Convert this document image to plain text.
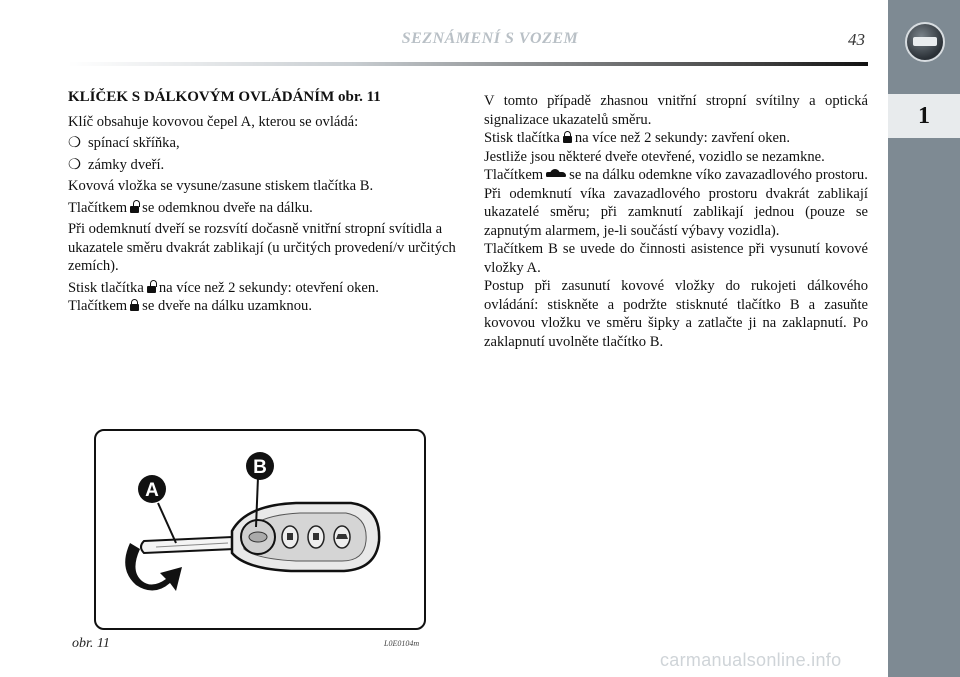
SEZNÁMENÍ S VOZEM	43
1

KLÍČEK S DÁLKOVÝM OVLÁDÁNÍM obr. 11

Klíč obsahuje kovovou čepel A, kterou se ovládá:

❍ spínací skříňka,

❍ zámky dveří.

Kovová vložka se vysune/zasune stiskem tlačítka B.

Tlačítkem se odemknou dveře na dálku.

Při odemknutí dveří se rozsvítí dočasně vnitřní stropní svítidla a ukazatele směru dvakrát zablikají (u určitých provedení/v určitých zemích).

Stisk tlačítka na více než 2 sekundy: otevření oken.

Tlačítkem se dveře na dálku uzamknou.

V tomto případě zhasnou vnitřní stropní svítilny a optická signalizace ukazatelů směru.

Stisk tlačítka na více než 2 sekundy: zavření oken.

Jestliže jsou některé dveře otevřené, vozidlo se nezamkne.

Tlačítkem se na dálku odemkne víko zavazadlového prostoru.

Při odemknutí víka zavazadlového prostoru dvakrát zablikají ukazatelé směru; při zamknutí zablikají jednou (pouze se zapnutým alarmem, je-li součástí výbavy vozidla).

Tlačítkem B se uvede do činnosti asistence při vysunutí kovové vložky A.

Postup při zasunutí kovové vložky do rukojeti dálkového ovládání: stiskněte a podržte stisknuté tlačítko B a zasuňte kovovou vložku ve směru šipky a zatlačte ji na zaklapnutí. Po zaklapnutí uvolněte tlačítko B.

A
B
obr. 11	L0E0104m
carmanualsonline.info
